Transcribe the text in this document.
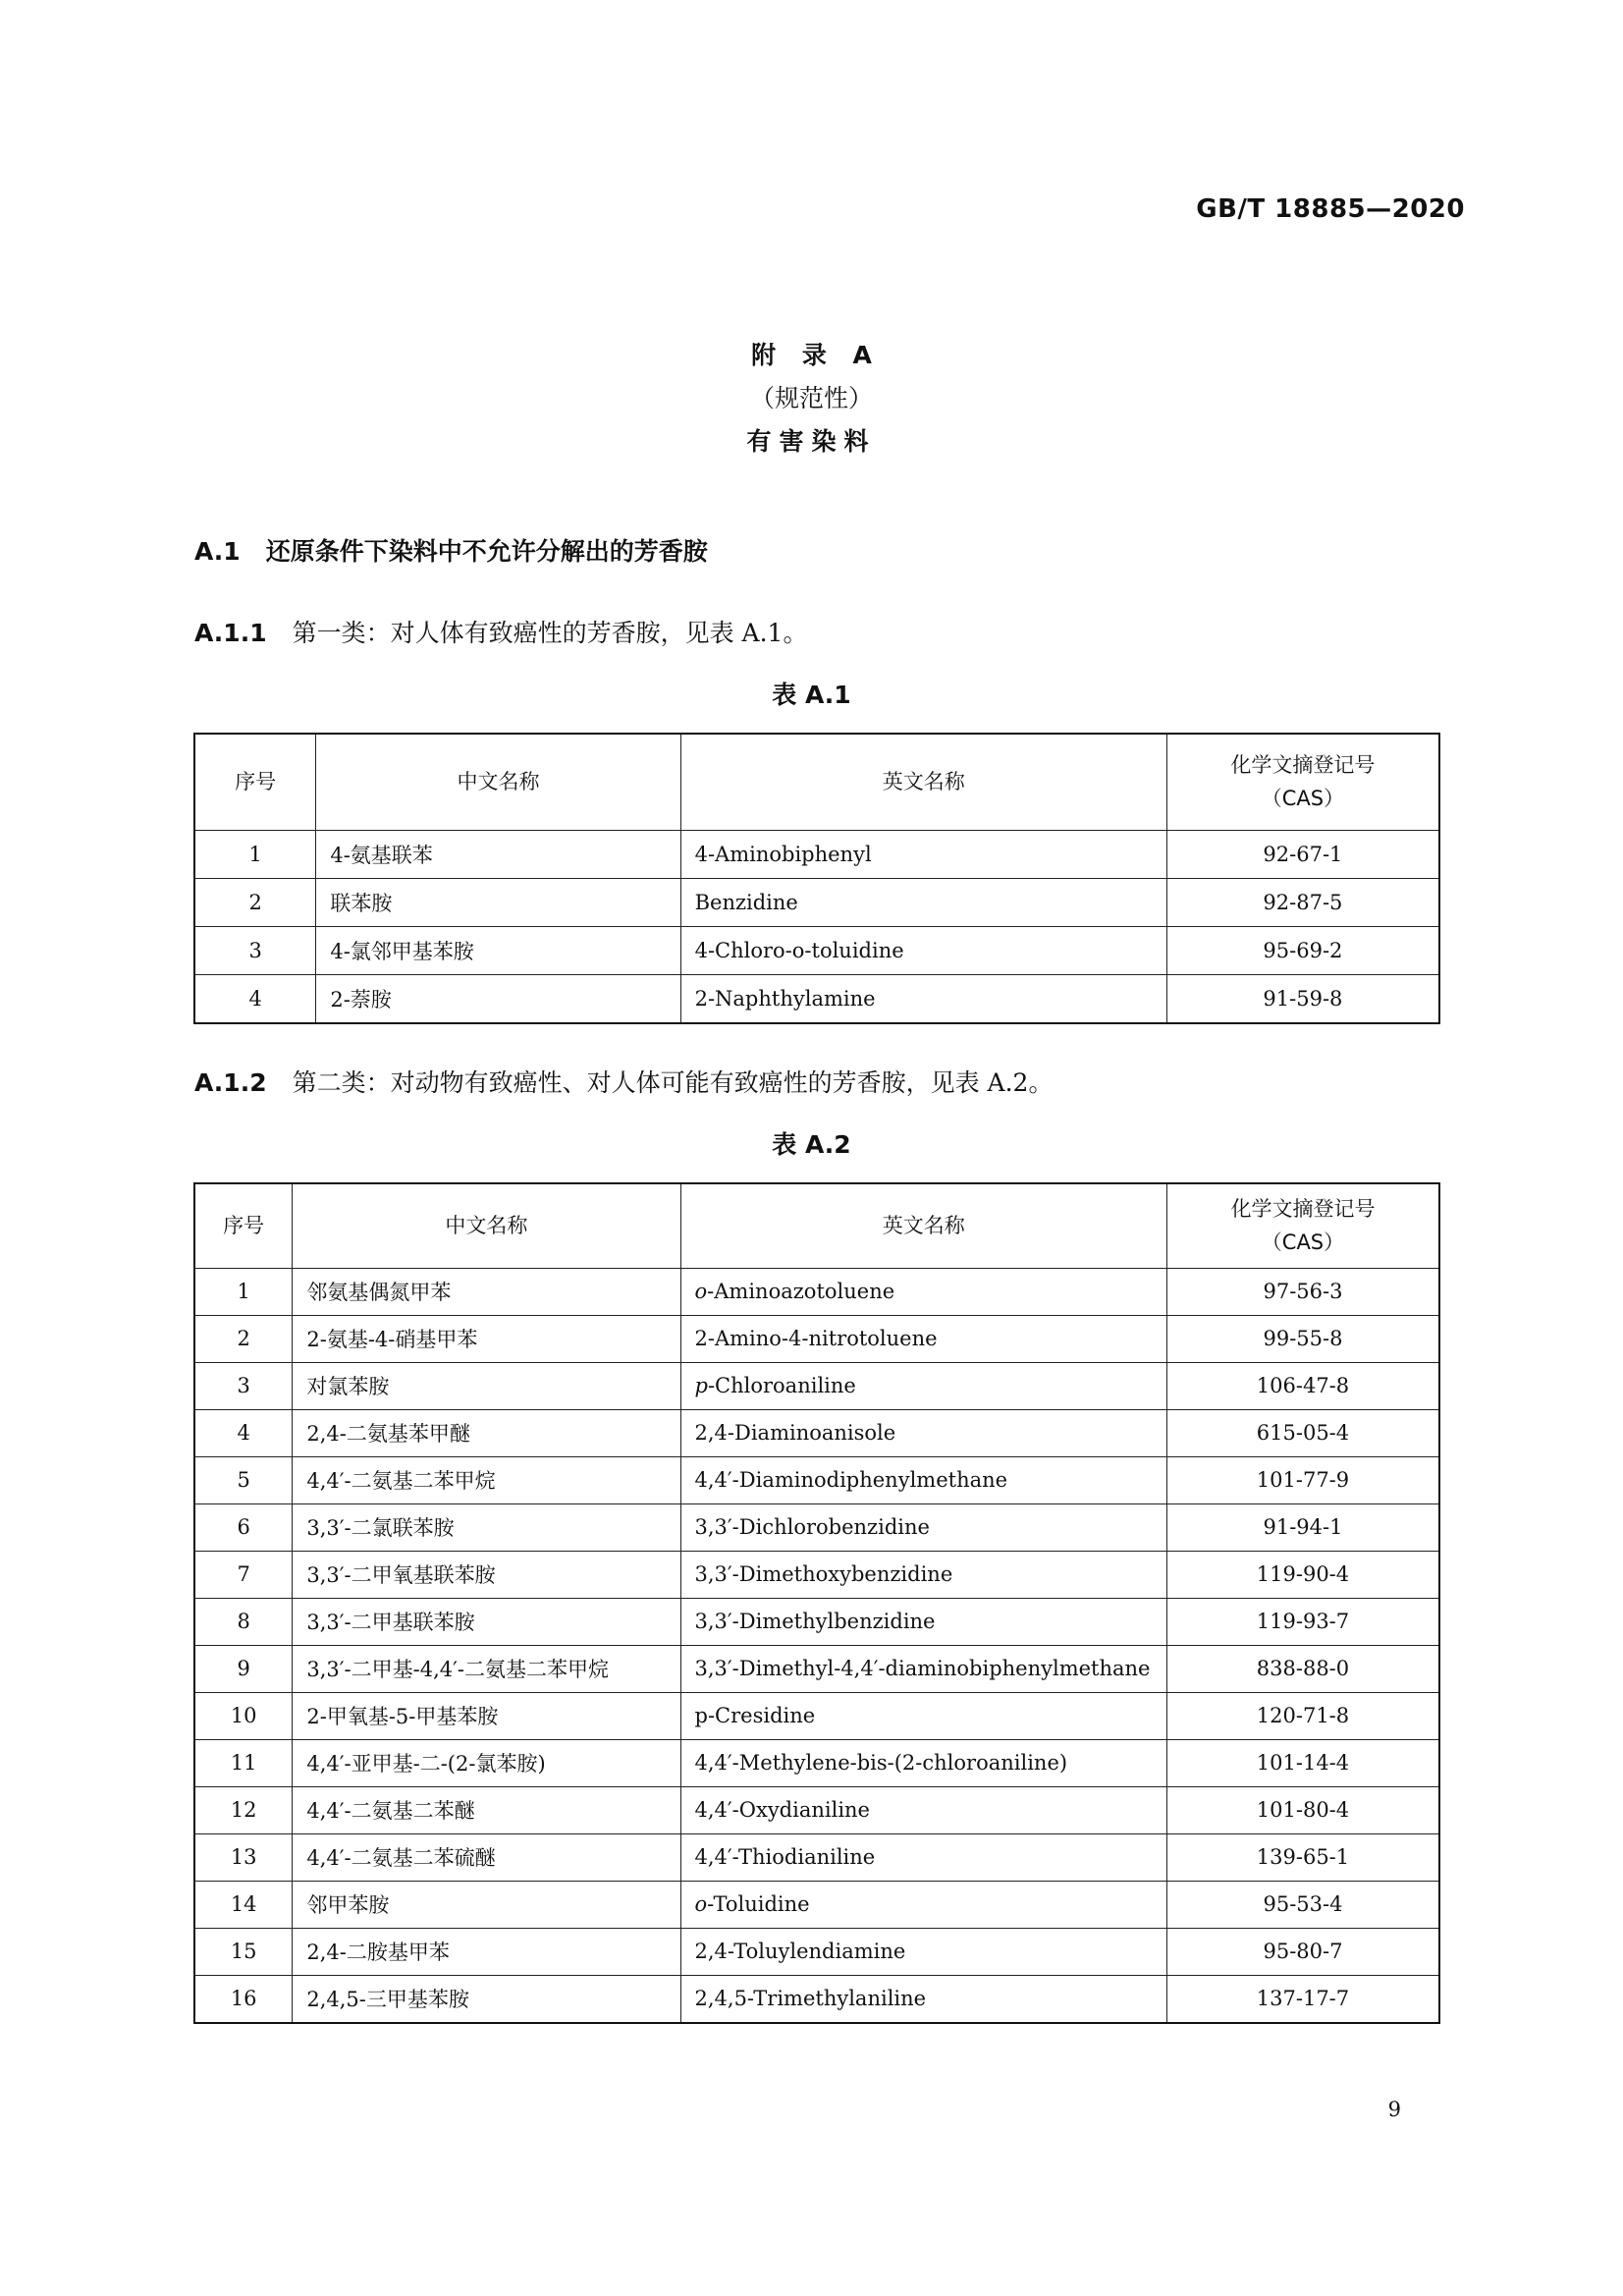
GB/T 18885—2020
附 录 A
（规范性）
有害染料
A.1 还原条件下染料中不允许分解出的芳香胺
A.1.1 第一类：对人体有致癌性的芳香胺，见表 A.1。
表 A.1
序号	中文名称	英文名称	化学文摘登记号
（CAS）
1	4-氨基联苯	4-Aminobiphenyl	92-67-1
2	联苯胺	Benzidine	92-87-5
3	4-氯邻甲基苯胺	4-Chloro-o-toluidine	95-69-2
4	2-萘胺	2-Naphthylamine	91-59-8
A.1.2 第二类：对动物有致癌性、对人体可能有致癌性的芳香胺，见表 A.2。
表 A.2
序号	中文名称	英文名称	化学文摘登记号
（CAS）
1	邻氨基偶氮甲苯	o-Aminoazotoluene	97-56-3
2	2-氨基-4-硝基甲苯	2-Amino-4-nitrotoluene	99-55-8
3	对氯苯胺	p-Chloroaniline	106-47-8
4	2,4-二氨基苯甲醚	2,4-Diaminoanisole	615-05-4
5	4,4′-二氨基二苯甲烷	4,4′-Diaminodiphenylmethane	101-77-9
6	3,3′-二氯联苯胺	3,3′-Dichlorobenzidine	91-94-1
7	3,3′-二甲氧基联苯胺	3,3′-Dimethoxybenzidine	119-90-4
8	3,3′-二甲基联苯胺	3,3′-Dimethylbenzidine	119-93-7
9	3,3′-二甲基-4,4′-二氨基二苯甲烷	3,3′-Dimethyl-4,4′-diaminobiphenylmethane	838-88-0
10	2-甲氧基-5-甲基苯胺	p-Cresidine	120-71-8
11	4,4′-亚甲基-二-(2-氯苯胺)	4,4′-Methylene-bis-(2-chloroaniline)	101-14-4
12	4,4′-二氨基二苯醚	4,4′-Oxydianiline	101-80-4
13	4,4′-二氨基二苯硫醚	4,4′-Thiodianiline	139-65-1
14	邻甲苯胺	o-Toluidine	95-53-4
15	2,4-二胺基甲苯	2,4-Toluylendiamine	95-80-7
16	2,4,5-三甲基苯胺	2,4,5-Trimethylaniline	137-17-7
9
